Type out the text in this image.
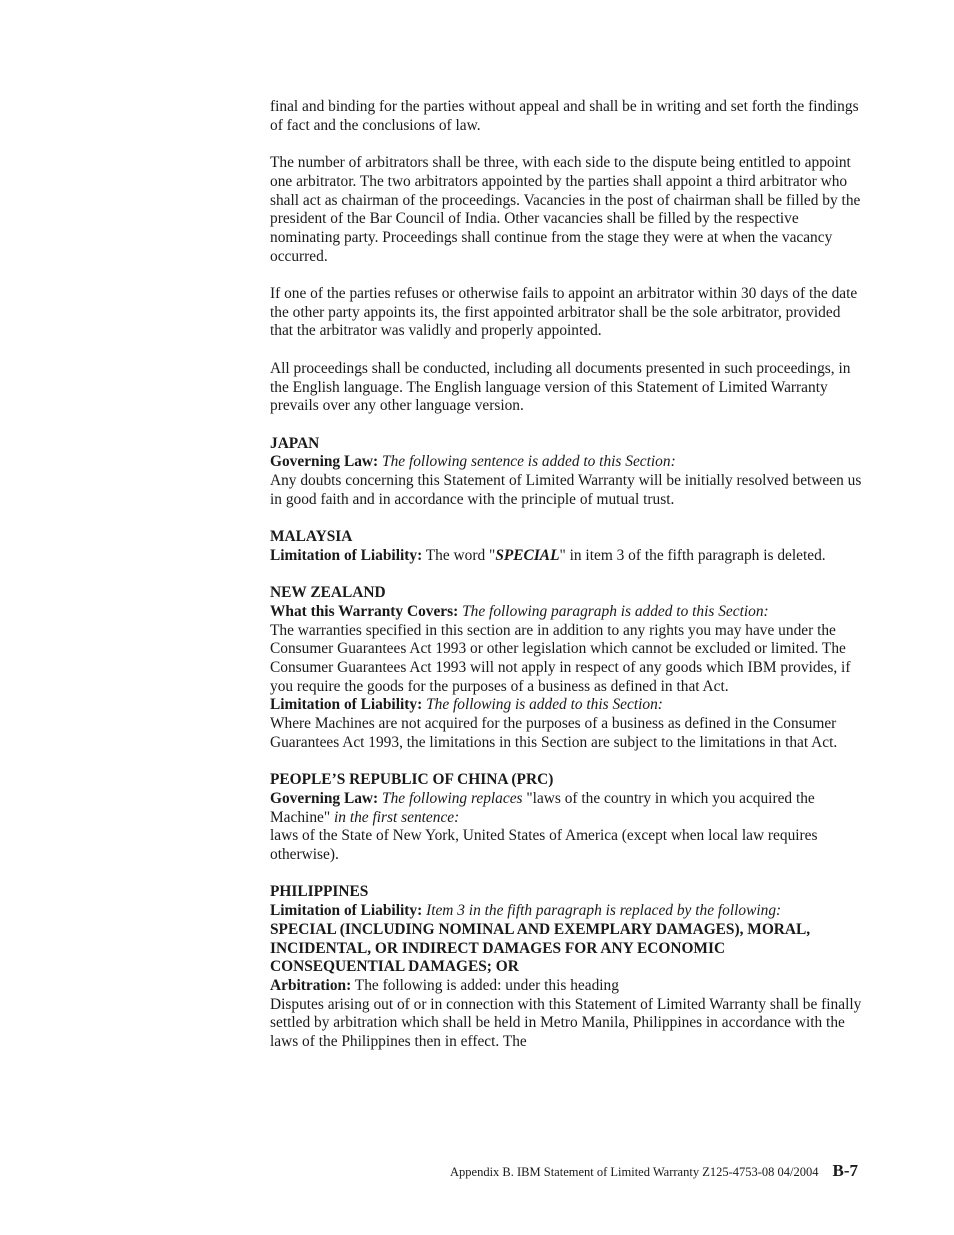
final and binding for the parties without appeal and shall be in writing and set forth the findings of fact and the conclusions of law.

The number of arbitrators shall be three, with each side to the dispute being entitled to appoint one arbitrator. The two arbitrators appointed by the parties shall appoint a third arbitrator who shall act as chairman of the proceedings. Vacancies in the post of chairman shall be filled by the president of the Bar Council of India. Other vacancies shall be filled by the respective nominating party. Proceedings shall continue from the stage they were at when the vacancy occurred.

If one of the parties refuses or otherwise fails to appoint an arbitrator within 30 days of the date the other party appoints its, the first appointed arbitrator shall be the sole arbitrator, provided that the arbitrator was validly and properly appointed.

All proceedings shall be conducted, including all documents presented in such proceedings, in the English language. The English language version of this Statement of Limited Warranty prevails over any other language version.

JAPAN
Governing Law: The following sentence is added to this Section:
Any doubts concerning this Statement of Limited Warranty will be initially resolved between us in good faith and in accordance with the principle of mutual trust.
MALAYSIA
Limitation of Liability: The word "SPECIAL" in item 3 of the fifth paragraph is deleted.
NEW ZEALAND
What this Warranty Covers: The following paragraph is added to this Section:
The warranties specified in this section are in addition to any rights you may have under the Consumer Guarantees Act 1993 or other legislation which cannot be excluded or limited. The Consumer Guarantees Act 1993 will not apply in respect of any goods which IBM provides, if you require the goods for the purposes of a business as defined in that Act.
Limitation of Liability: The following is added to this Section:
Where Machines are not acquired for the purposes of a business as defined in the Consumer Guarantees Act 1993, the limitations in this Section are subject to the limitations in that Act.
PEOPLE’S REPUBLIC OF CHINA (PRC)
Governing Law: The following replaces "laws of the country in which you acquired the Machine" in the first sentence:
laws of the State of New York, United States of America (except when local law requires otherwise).
PHILIPPINES
Limitation of Liability: Item 3 in the fifth paragraph is replaced by the following:
SPECIAL (INCLUDING NOMINAL AND EXEMPLARY DAMAGES), MORAL,
INCIDENTAL, OR INDIRECT DAMAGES FOR ANY ECONOMIC
CONSEQUENTIAL DAMAGES; OR
Arbitration: The following is added: under this heading
Disputes arising out of or in connection with this Statement of Limited Warranty shall be finally settled by arbitration which shall be held in Metro Manila, Philippines in accordance with the laws of the Philippines then in effect. The
Appendix B. IBM Statement of Limited Warranty Z125-4753-08 04/2004 B-7
